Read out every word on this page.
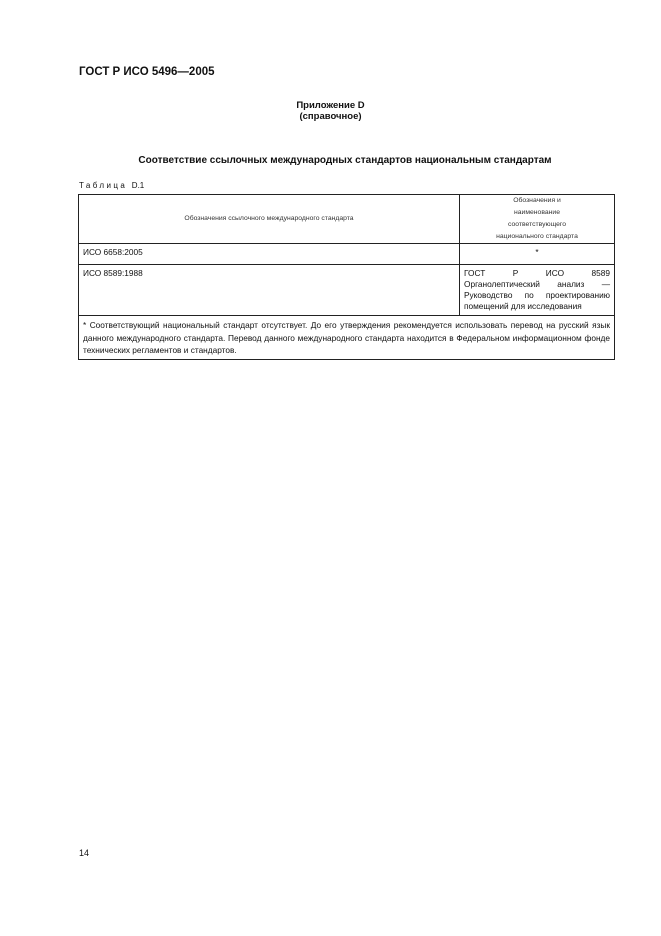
ГОСТ Р ИСО 5496—2005
Приложение D
(справочное)
Соответствие ссылочных международных стандартов национальным стандартам
Таблица D.1
Обозначения ссылочного международного стандарта	Обозначения и наименование соответствующего национального стандарта
ИСО 6658:2005	*
ИСО 8589:1988	ГОСТ Р ИСО 8589 Органолептический анализ — Руководство по проектированию помещений для исследования
* Соответствующий национальный стандарт отсутствует. До его утверждения рекомендуется использовать перевод на русский язык данного международного стандарта. Перевод данного международного стандарта находится в Федеральном информационном фонде технических регламентов и стандартов.	
14
